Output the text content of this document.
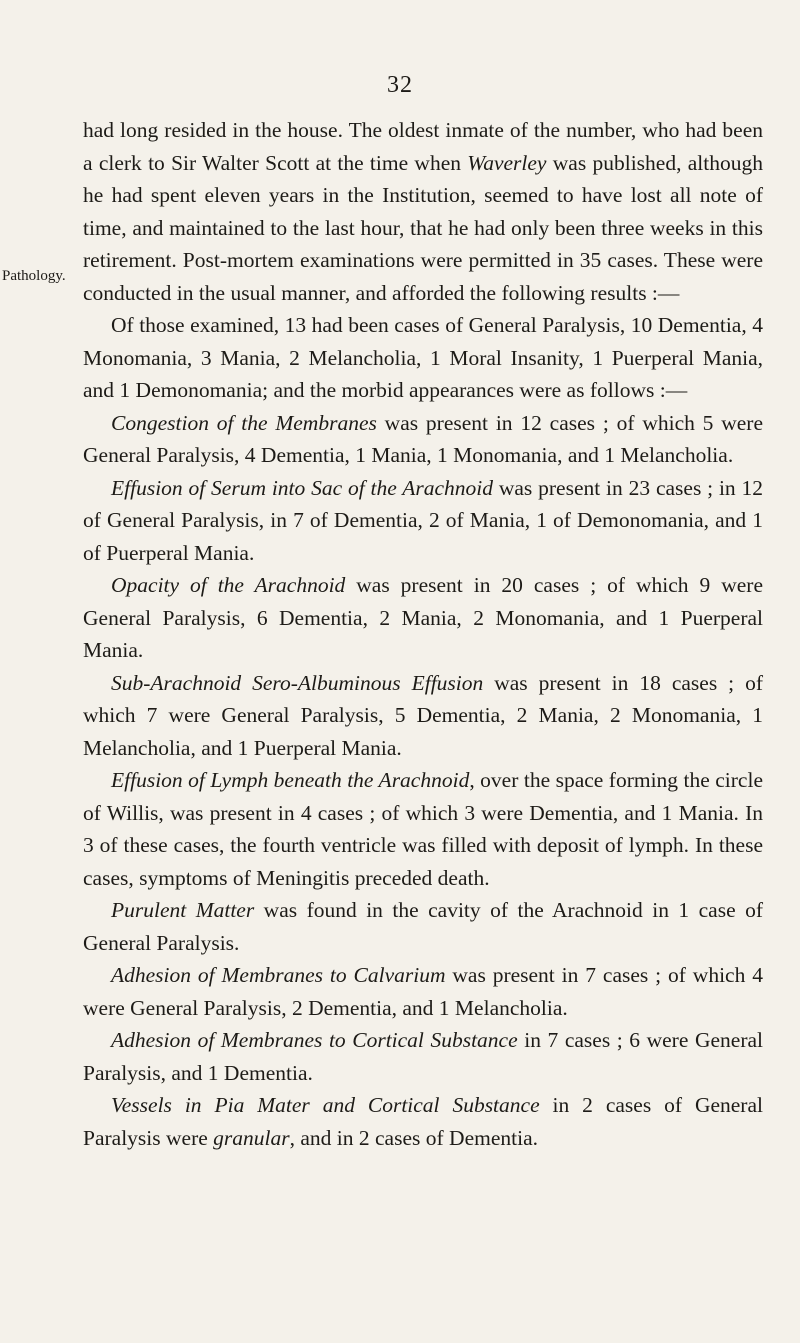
32
Pathology.

had long resided in the house. The oldest inmate of the number, who had been a clerk to Sir Walter Scott at the time when Waverley was published, although he had spent eleven years in the Institution, seemed to have lost all note of time, and maintained to the last hour, that he had only been three weeks in this retirement. Post-mortem examinations were permitted in 35 cases. These were conducted in the usual manner, and afforded the following results :—

Of those examined, 13 had been cases of General Paralysis, 10 Dementia, 4 Monomania, 3 Mania, 2 Melancholia, 1 Moral Insanity, 1 Puerperal Mania, and 1 Demonomania; and the morbid appearances were as follows :—

Congestion of the Membranes was present in 12 cases ; of which 5 were General Paralysis, 4 Dementia, 1 Mania, 1 Monomania, and 1 Melancholia.

Effusion of Serum into Sac of the Arachnoid was present in 23 cases ; in 12 of General Paralysis, in 7 of Dementia, 2 of Mania, 1 of Demonomania, and 1 of Puerperal Mania.

Opacity of the Arachnoid was present in 20 cases ; of which 9 were General Paralysis, 6 Dementia, 2 Mania, 2 Monomania, and 1 Puerperal Mania.

Sub-Arachnoid Sero-Albuminous Effusion was present in 18 cases ; of which 7 were General Paralysis, 5 Dementia, 2 Mania, 2 Monomania, 1 Melancholia, and 1 Puerperal Mania.

Effusion of Lymph beneath the Arachnoid, over the space forming the circle of Willis, was present in 4 cases ; of which 3 were Dementia, and 1 Mania. In 3 of these cases, the fourth ventricle was filled with deposit of lymph. In these cases, symptoms of Meningitis preceded death.

Purulent Matter was found in the cavity of the Arachnoid in 1 case of General Paralysis.

Adhesion of Membranes to Calvarium was present in 7 cases ; of which 4 were General Paralysis, 2 Dementia, and 1 Melancholia.

Adhesion of Membranes to Cortical Substance in 7 cases ; 6 were General Paralysis, and 1 Dementia.

Vessels in Pia Mater and Cortical Substance in 2 cases of General Paralysis were granular, and in 2 cases of Dementia.
